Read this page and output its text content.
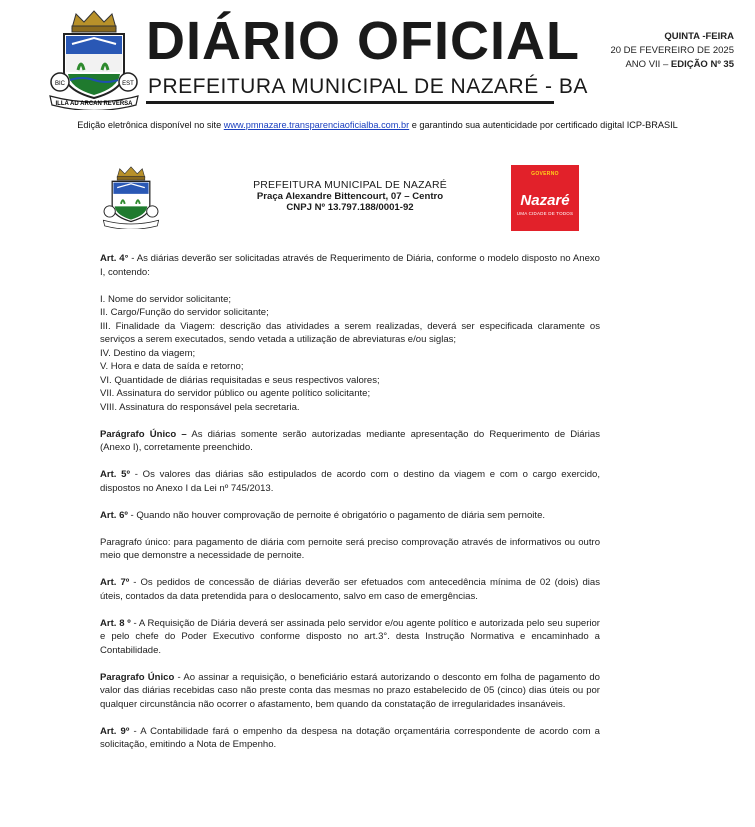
BIC	EST
ILLA AD ARCAN REVERSA
DIÁRIO OFICIAL
PREFEITURA MUNICIPAL DE NAZARÉ - BA
QUINTA -FEIRA
20 DE FEVEREIRO DE 2025
ANO VII – EDIÇÃO Nº 35
Edição eletrônica disponível no site www.pmnazare.transparenciaoficialba.com.br e garantindo sua autenticidade por certificado digital ICP-BRASIL
PREFEITURA MUNICIPAL DE NAZARÉ
Praça Alexandre Bittencourt, 07 – Centro
CNPJ Nº 13.797.188/0001-92
GOVERNO
Nazaré
UMA CIDADE DE TODOS

Art. 4° - As diárias deverão ser solicitadas através de Requerimento de Diária, conforme o modelo disposto no Anexo I, contendo:

I. Nome do servidor solicitante;

II. Cargo/Função do servidor solicitante;

III. Finalidade da Viagem: descrição das atividades a serem realizadas, deverá ser especificada claramente os serviços a serem executados, sendo vetada a utilização de abreviaturas e/ou siglas;

IV. Destino da viagem;

V. Hora e data de saída e retorno;

VI. Quantidade de diárias requisitadas e seus respectivos valores;

VII. Assinatura do servidor público ou agente político solicitante;

VIII. Assinatura do responsável pela secretaria.

Parágrafo Único – As diárias somente serão autorizadas mediante apresentação do Requerimento de Diárias (Anexo I), corretamente preenchido.

Art. 5º - Os valores das diárias são estipulados de acordo com o destino da viagem e com o cargo exercido, dispostos no Anexo I da Lei nº 745/2013.

Art. 6º - Quando não houver comprovação de pernoite é obrigatório o pagamento de diária sem pernoite.

Paragrafo único: para pagamento de diária com pernoite será preciso comprovação através de informativos ou outro meio que demonstre a necessidade de pernoite.

Art. 7º - Os pedidos de concessão de diárias deverão ser efetuados com antecedência mínima de 02 (dois) dias úteis, contados da data pretendida para o deslocamento, salvo em caso de emergências.

Art. 8 º - A Requisição de Diária deverá ser assinada pelo servidor e/ou agente político e autorizada pelo seu superior e pelo chefe do Poder Executivo conforme disposto no art.3°. desta Instrução Normativa e encaminhado a Contabilidade.

Paragrafo Único - Ao assinar a requisição, o beneficiário estará autorizando o desconto em folha de pagamento do valor das diárias recebidas caso não preste conta das mesmas no prazo estabelecido de 05 (cinco) dias úteis ou por qualquer circunstância não ocorrer o afastamento, bem quando da constatação de irregularidades insanáveis.

Art. 9º - A Contabilidade fará o empenho da despesa na dotação orçamentária correspondente de acordo com a solicitação, emitindo a Nota de Empenho.
